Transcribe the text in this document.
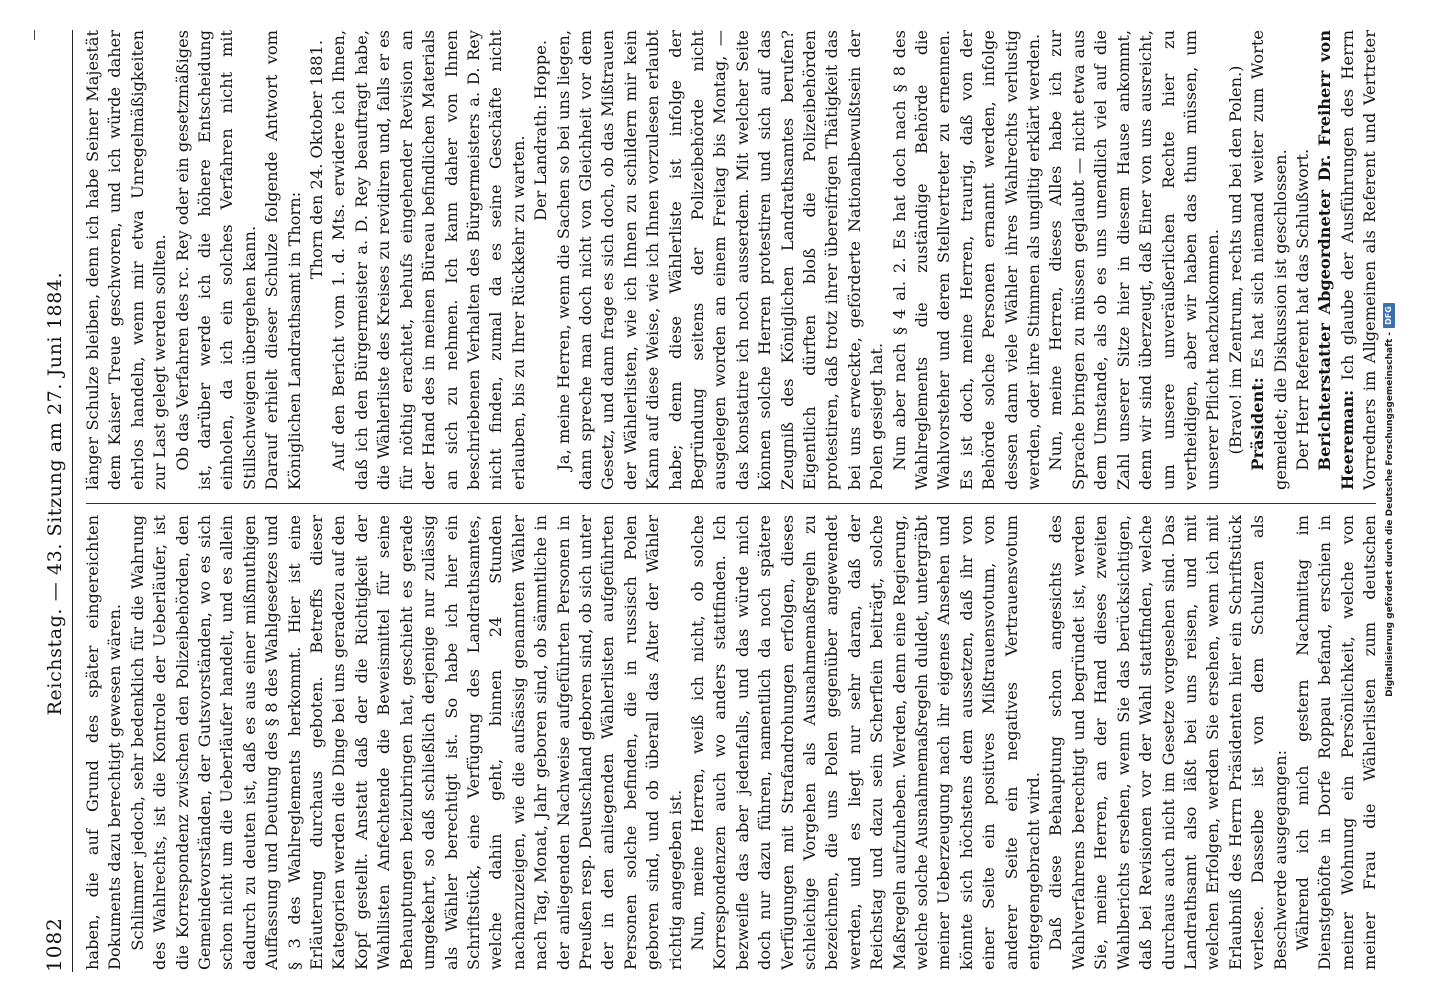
1082
Reichstag. — 43. Sitzung am 27. Juni 1884.

haben, die auf Grund des später eingereichten Dokuments dazu berechtigt gewesen wären. Schlimmer jedoch, sehr bedenklich für die Wahrung des Wahlrechts, ist die Kontrole der Ueberläufer, ist die Korrespondenz zwischen den Polizeibehörden, den Gemeindevorständen, der Gutsvorständen, wo es sich schon nicht um die Ueberläufer handelt, und es allein dadurch zu deuten ist, daß es aus einer mißmuthigen Auffassung und Deutung des § 8 des Wahlgesetzes und § 3 des Wahlreglements herkommt. Hier ist eine Erläuterung durchaus geboten. Betreffs dieser Kategorien werden die Dinge bei uns geradezu auf den Kopf gestellt. Anstatt daß der die Richtigkeit der Wahllisten Anfechtende die Beweismittel für seine Behauptungen beizubringen hat, geschieht es gerade umgekehrt, so daß schließlich derjenige nur zulässig als Wähler berechtigt ist. So habe ich hier ein Schriftstück, eine Verfügung des Landrathsamtes, welche dahin geht, binnen 24 Stunden nachanzuzeigen, wie die aufsässig genannten Wähler nach Tag, Monat, Jahr geboren sind, ob sämmtliche in der anliegenden Nachweise aufgeführten Personen in Preußen resp. Deutschland geboren sind, ob sich unter der in den anliegenden Wählerlisten aufgeführten Personen solche befinden, die in russisch Polen geboren sind, und ob überall das Alter der Wähler richtig angegeben ist. Nun, meine Herren, weiß ich nicht, ob solche Korrespondenzen auch wo anders stattfinden. Ich bezweifle das aber jedenfalls, und das würde mich doch nur dazu führen, namentlich da noch spätere Verfügungen mit Strafandrohungen erfolgen, dieses schleichige Vorgehen als Ausnahmemaßregeln zu bezeichnen, die uns Polen gegenüber angewendet werden, und es liegt nur sehr daran, daß der Reichstag und dazu sein Scherflein beiträgt, solche Maßregeln aufzuheben. Werden, denn eine Regierung, welche solche Ausnahmemaßregeln duldet, untergräbt meiner Ueberzeugung nach ihr eigenes Ansehen und könnte sich höchstens dem aussetzen, daß ihr von einer Seite ein positives Mißtrauensvotum, von anderer Seite ein negatives Vertrauensvotum entgegengebracht wird. Daß diese Behauptung schon angesichts des Wahlverfahrens berechtigt und begründet ist, werden Sie, meine Herren, an der Hand dieses zweiten Wahlberichts ersehen, wenn Sie das berücksichtigen, daß bei Revisionen vor der Wahl stattfinden, welche durchaus auch nicht im Gesetze vorgesehen sind. Das Landrathsamt also läßt bei uns reisen, und mit welchen Erfolgen, werden Sie ersehen, wenn ich mit Erlaubniß des Herrn Präsidenten hier ein Schriftstück verlese. Dasselbe ist von dem Schulzen als Beschwerde ausgegangen: Während ich mich gestern Nachmittag im Dienstgehöfte in Dorfe Roppau befand, erschien in meiner Wohnung ein Persönlichkeit, welche von meiner Frau die Wählerlisten zum deutschen

länger Schulze bleiben, denn ich habe Seiner Majestät dem Kaiser Treue geschworen, und ich würde daher ehrlos handeln, wenn mir etwa Unregelmäßigkeiten zur Last gelegt werden sollten. Ob das Verfahren des rc. Rey oder ein gesetzmäßiges ist, darüber werde ich die höhere Entscheidung einholen, da ich ein solches Verfahren nicht mit Stillschweigen übergehen kann. Darauf erhielt dieser Schulze folgende Antwort vom Königlichen Landrathsamt in Thorn:

Thorn den 24. Oktober 1881. Auf den Bericht vom 1. d. Mts. erwidere ich Ihnen, daß ich den Bürgermeister a. D. Rey beauftragt habe, die Wählerliste des Kreises zu revidiren und, falls er es für nöthig erachtet, behufs eingehender Revision an der Hand des in meinen Büreau befindlichen Materials an sich zu nehmen. Ich kann daher von Ihnen beschriebenen Verhalten des Bürgermeisters a. D. Rey nicht finden, zumal da es seine Geschäfte nicht erlauben, bis zu Ihrer Rückkehr zu warten.

Der Landrath: Hoppe. Ja, meine Herren, wenn die Sachen so bei uns liegen, dann spreche man doch nicht von Gleichheit vor dem Gesetz, und dann frage es sich doch, ob das Mißtrauen der Wählerlisten, wie ich Ihnen zu schildern mir kein Kann auf diese Weise, wie ich Ihnen vorzulesen erlaubt habe; denn diese Wählerliste ist infolge der Begründung seitens der Polizeibehörde nicht ausgelegen worden an einem Freitag bis Montag, — das konstatire ich noch ausserdem. Mit welcher Seite können solche Herren protestiren und sich auf das Zeugniß des Königlichen Landrathsamtes berufen? Eigentlich dürften bloß die Polizeibehörden protestiren, daß trotz ihrer übereifrigen Thätigkeit das bei uns erweckte, geförderte Nationalbewußtsein der Polen gesiegt hat. Nun aber nach § 4 al. 2. Es hat doch nach § 8 des Wahlreglements die zuständige Behörde die Wahlvorsteher und deren Stellvertreter zu ernennen. Es ist doch, meine Herren, traurig, daß von der Behörde solche Personen ernannt werden, infolge dessen dann viele Wähler ihres Wahlrechts verlustig werden, oder ihre Stimmen als ungiltig erklärt werden. Nun, meine Herren, dieses Alles habe ich zur Sprache bringen zu müssen geglaubt — nicht etwa aus dem Umstande, als ob es uns unendlich viel auf die Zahl unserer Sitze hier in diesem Hause ankommt, denn wir sind überzeugt, daß Einer von uns ausreicht, um unsere unveräußerlichen Rechte hier zu vertheidigen, aber wir haben das thun müssen, um unserer Pflicht nachzukommen. (Bravo! im Zentrum, rechts und bei den Polen.) Präsident: Es hat sich niemand weiter zum Worte gemeldet; die Diskussion ist geschlossen. Der Herr Referent hat das Schlußwort. Berichterstatter Abgeordneter Dr. Freiherr von Heereman: Ich glaube der Ausführungen des Herrn Vorredners im Allgemeinen als Referent und Vertreter

Digitalisierung gefördert durch die Deutsche Forschungsgemeinschaft -DFG
